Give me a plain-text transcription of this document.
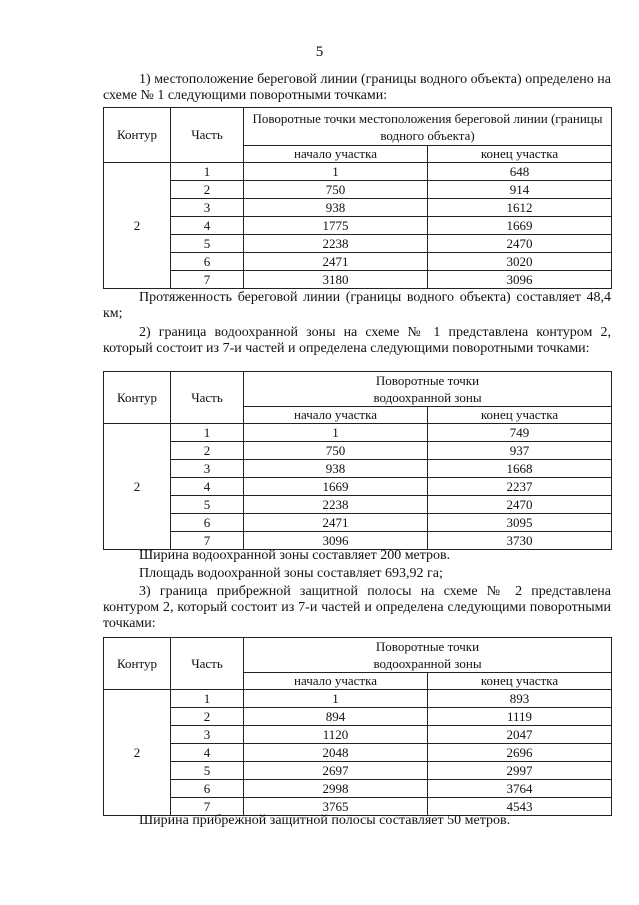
5
1) местоположение береговой линии (границы водного объекта) определено на схеме № 1 следующими поворотными точками:
Контур	Часть	Поворотные точки местоположения береговой линии (границы водного объекта)	
		начало участка	конец участка
2	1	1	648
	2	750	914
	3	938	1612
	4	1775	1669
	5	2238	2470
	6	2471	3020
	7	3180	3096
Протяженность береговой линии (границы водного объекта) составляет 48,4 км;
2) граница водоохранной зоны на схеме № 1 представлена контуром 2, который состоит из 7-и частей и определена следующими поворотными точками:
Контур	Часть	Поворотные точки
водоохранной зоны	
		начало участка	конец участка
2	1	1	749
	2	750	937
	3	938	1668
	4	1669	2237
	5	2238	2470
	6	2471	3095
	7	3096	3730
Ширина водоохранной зоны составляет 200 метров.
Площадь водоохранной зоны составляет 693,92 га;
3) граница прибрежной защитной полосы на схеме № 2 представлена контуром 2, который состоит из 7-и частей и определена следующими поворотными точками:
Контур	Часть	Поворотные точки
водоохранной зоны	
		начало участка	конец участка
2	1	1	893
	2	894	1119
	3	1120	2047
	4	2048	2696
	5	2697	2997
	6	2998	3764
	7	3765	4543
Ширина прибрежной защитной полосы составляет 50 метров.
